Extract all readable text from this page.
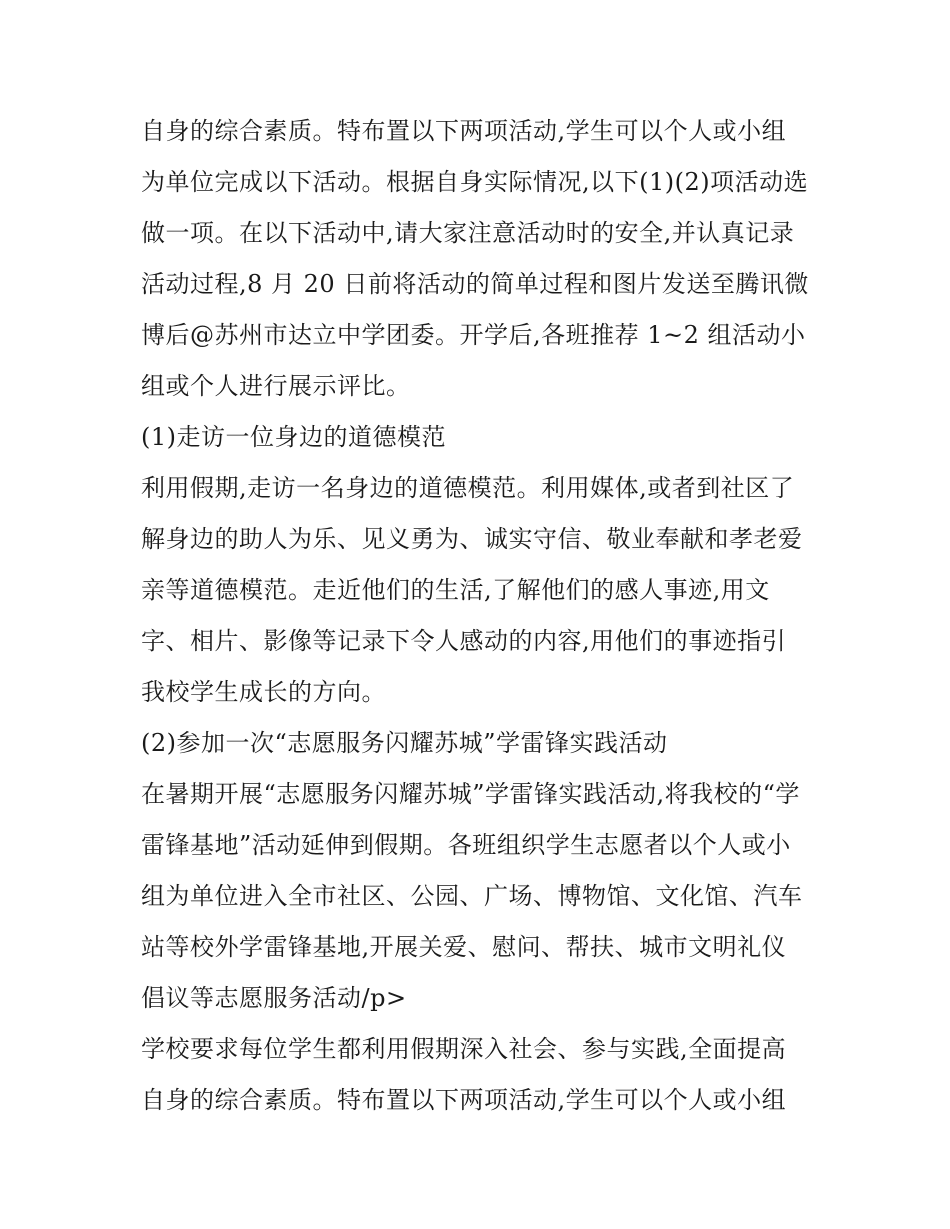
自身的综合素质。特布置以下两项活动,学生可以个人或小组
为单位完成以下活动。根据自身实际情况,以下(1)(2)项活动选
做一项。在以下活动中,请大家注意活动时的安全,并认真记录
活动过程,8 月 20 日前将活动的简单过程和图片发送至腾讯微
博后@苏州市达立中学团委。开学后,各班推荐 1~2 组活动小
组或个人进行展示评比。
(1)走访一位身边的道德模范
利用假期,走访一名身边的道德模范。利用媒体,或者到社区了
解身边的助人为乐、见义勇为、诚实守信、敬业奉献和孝老爱
亲等道德模范。走近他们的生活,了解他们的感人事迹,用文
字、相片、影像等记录下令人感动的内容,用他们的事迹指引
我校学生成长的方向。
(2)参加一次“志愿服务闪耀苏城”学雷锋实践活动
在暑期开展“志愿服务闪耀苏城”学雷锋实践活动,将我校的“学
雷锋基地”活动延伸到假期。各班组织学生志愿者以个人或小
组为单位进入全市社区、公园、广场、博物馆、文化馆、汽车
站等校外学雷锋基地,开展关爱、慰问、帮扶、城市文明礼仪
倡议等志愿服务活动/p>
学校要求每位学生都利用假期深入社会、参与实践,全面提高
自身的综合素质。特布置以下两项活动,学生可以个人或小组
